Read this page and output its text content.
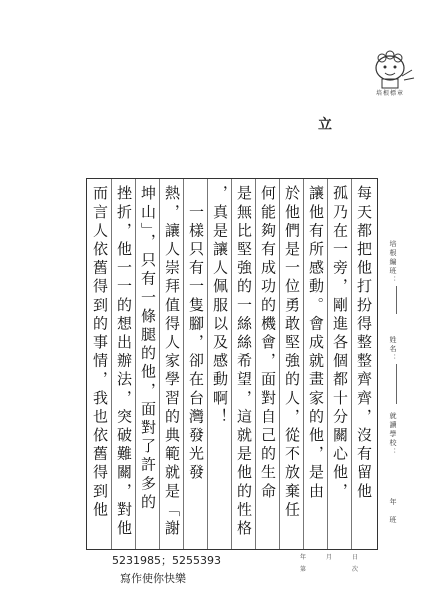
培根標章
立
每天都把他打扮得整整齊齊，沒有留他
孤乃在一旁，剛進各個都十分關心他，
讓他有所感動。會成就畫家的他，是由
於他們是一位勇敢堅強的人，從不放棄任
何能夠有成功的機會，面對自己的生命
是無比堅強的一絲絲希望，這就是他的性格
，真是讓人佩服以及感動啊！
　一樣只有一隻腳，卻在台灣發光發
熱，讓人崇拜值得人家學習的典範就是「謝
坤山」，只有一條腿的他，面對了許多的
挫折，他一一的想出辦法，突破難關，對他
而言人依舊得到的事情，我也依舊得到他	培根編班：
姓名：
就讀學校：
年　班
5231985；5255393
寫作使你快樂
年	月	日
第	次
